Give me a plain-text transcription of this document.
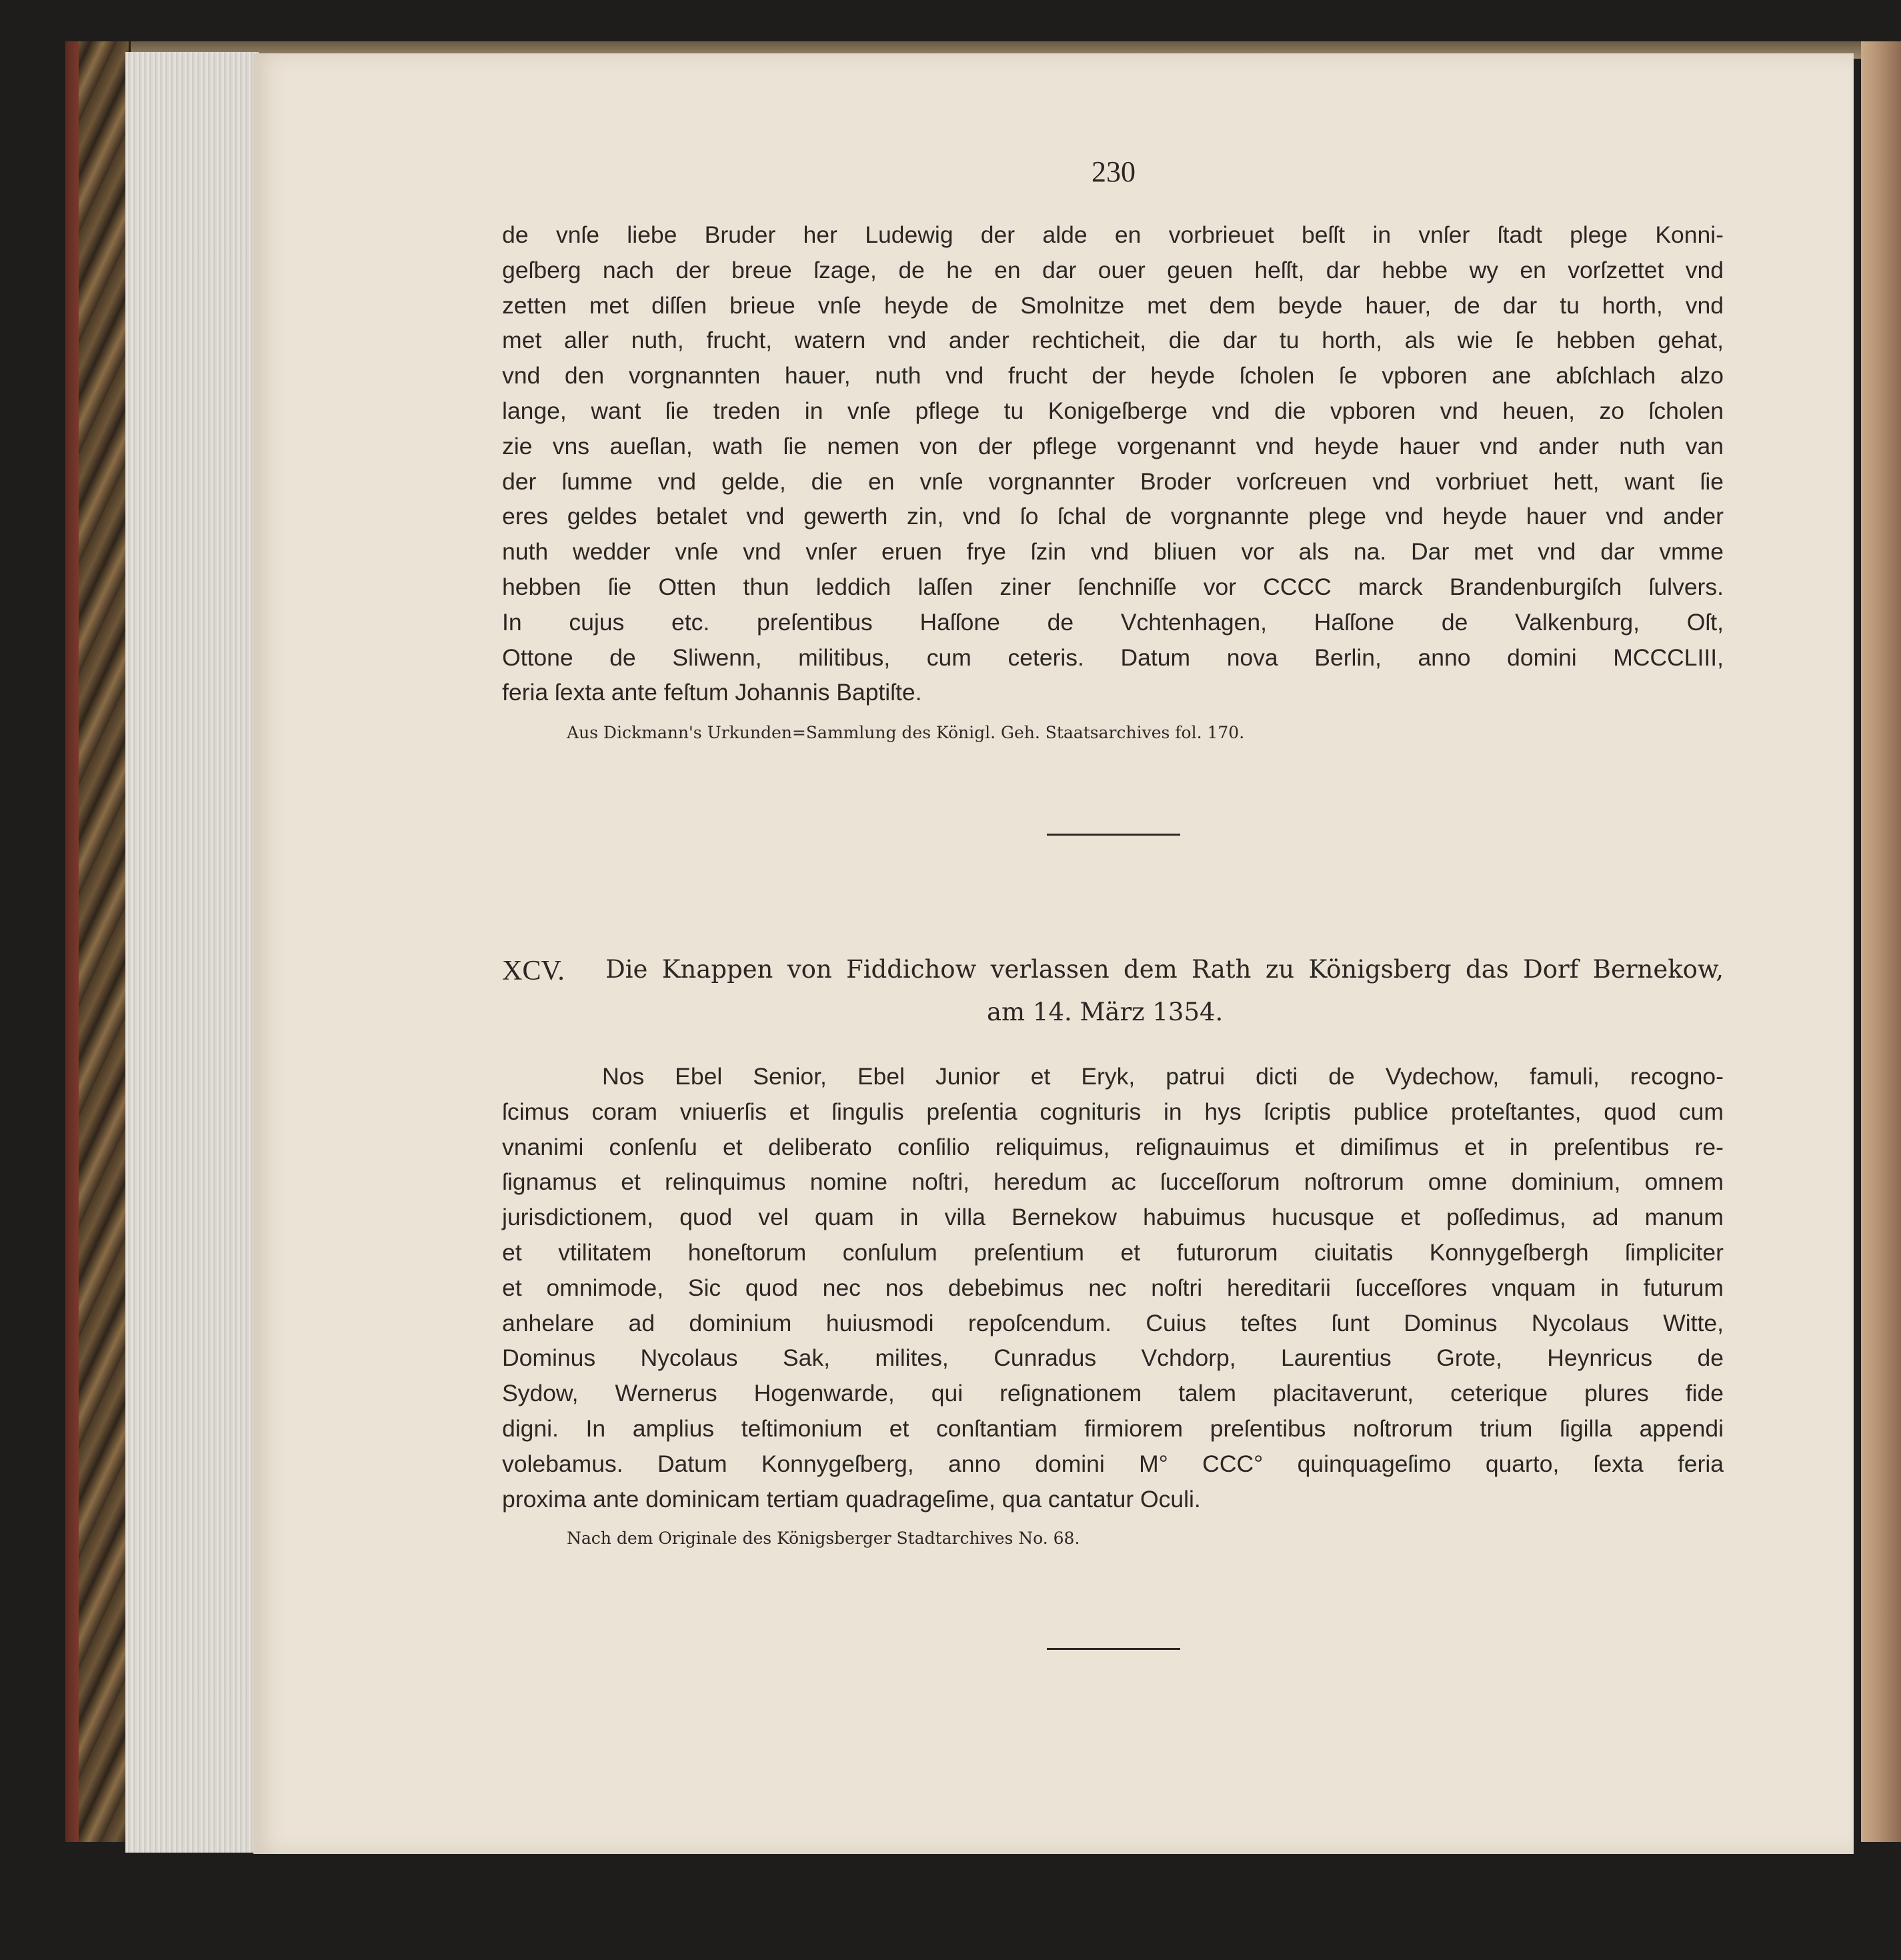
230
de vnſe liebe Bruder her Ludewig der alde en vorbrieuet beſſt in vnſer ſtadt plege Konni-
geſberg nach der breue ſzage, de he en dar ouer geuen heſſt, dar hebbe wy en vorſzettet vnd
zetten met diſſen brieue vnſe heyde de Smolnitze met dem beyde hauer, de dar tu horth, vnd
met aller nuth, frucht, watern vnd ander rechticheit, die dar tu horth, als wie ſe hebben gehat,
vnd den vorgnannten hauer, nuth vnd frucht der heyde ſcholen ſe vpboren ane abſchlach alzo
lange, want ſie treden in vnſe pflege tu Konigeſberge vnd die vpboren vnd heuen, zo ſcholen
zie vns aueſlan, wath ſie nemen von der pflege vorgenannt vnd heyde hauer vnd ander nuth van
der ſumme vnd gelde, die en vnſe vorgnannter Broder vorſcreuen vnd vorbriuet hett, want ſie
eres geldes betalet vnd gewerth zin, vnd ſo ſchal de vorgnannte plege vnd heyde hauer vnd ander
nuth wedder vnſe vnd vnſer eruen frye ſzin vnd bliuen vor als na. Dar met vnd dar vmme
hebben ſie Otten thun leddich laſſen ziner ſenchniſſe vor CCCC marck Brandenburgiſch ſulvers.
In cujus etc. preſentibus Haſſone de Vchtenhagen, Haſſone de Valkenburg, Oſt,
Ottone de Sliwenn, militibus, cum ceteris. Datum nova Berlin, anno domini MCCCLIII,
feria ſexta ante feſtum Johannis Baptiſte.
Aus Dickmann's Urkunden=Sammlung des Königl. Geh. Staatsarchives fol. 170.
XCV. Die Knappen von Fiddichow verlassen dem Rath zu Königsberg das Dorf Bernekow,
am 14. März 1354.
Nos Ebel Senior, Ebel Junior et Eryk, patrui dicti de Vydechow, famuli, recogno-
ſcimus coram vniuerſis et ſingulis preſentia cognituris in hys ſcriptis publice proteſtantes, quod cum
vnanimi conſenſu et deliberato conſilio reliquimus, reſignauimus et dimiſimus et in preſentibus re-
ſignamus et relinquimus nomine noſtri, heredum ac ſucceſſorum noſtrorum omne dominium, omnem
jurisdictionem, quod vel quam in villa Bernekow habuimus hucusque et poſſedimus, ad manum
et vtilitatem honeſtorum conſulum preſentium et futurorum ciuitatis Konnygeſbergh ſimpliciter
et omnimode, Sic quod nec nos debebimus nec noſtri hereditarii ſucceſſores vnquam in futurum
anhelare ad dominium huiusmodi repoſcendum. Cuius teſtes ſunt Dominus Nycolaus Witte,
Dominus Nycolaus Sak, milites, Cunradus Vchdorp, Laurentius Grote, Heynricus de
Sydow, Wernerus Hogenwarde, qui reſignationem talem placitaverunt, ceterique plures fide
digni. In amplius teſtimonium et conſtantiam firmiorem preſentibus noſtrorum trium ſigilla appendi
volebamus. Datum Konnygeſberg, anno domini M° CCC° quinquageſimo quarto, ſexta feria
proxima ante dominicam tertiam quadrageſime, qua cantatur Oculi.
Nach dem Originale des Königsberger Stadtarchives No. 68.
